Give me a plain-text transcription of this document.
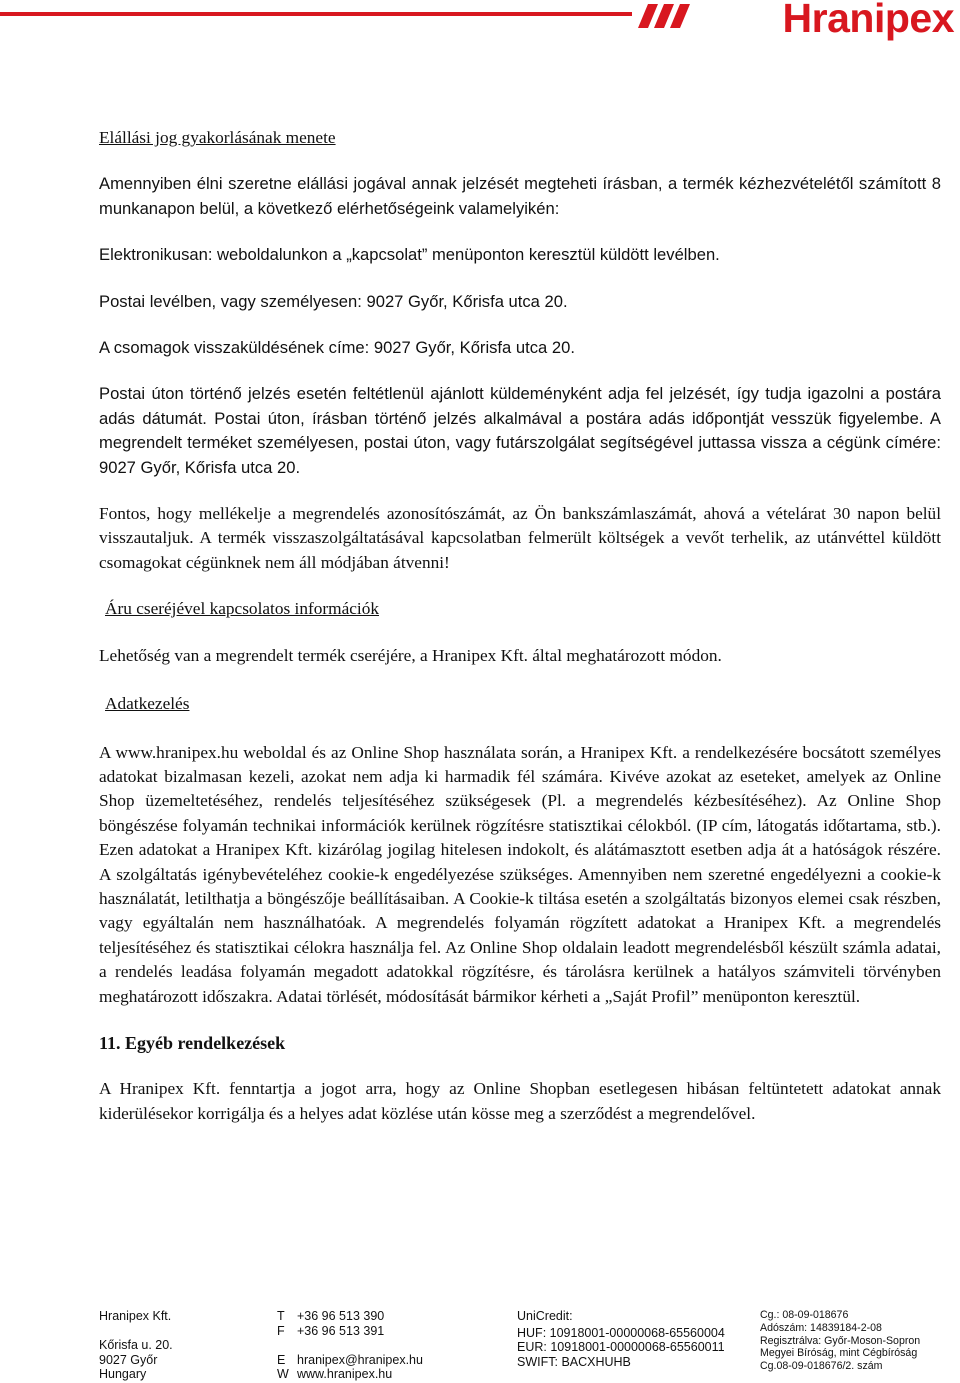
Hranipex

Elállási jog gyakorlásának menete

Amennyiben élni szeretne elállási jogával annak jelzését megteheti írásban, a termék kézhezvételétől számított 8 munkanapon belül, a következő elérhetőségeink valamelyikén:

Elektronikusan: weboldalunkon a „kapcsolat” menüponton keresztül küldött levélben.

Postai levélben, vagy személyesen: 9027 Győr, Kőrisfa utca 20.

A csomagok visszaküldésének címe: 9027 Győr, Kőrisfa utca 20.

Postai úton történő jelzés esetén feltétlenül ajánlott küldeményként adja fel jelzését, így tudja igazolni a postára adás dátumát. Postai úton, írásban történő jelzés alkalmával a postára adás időpontját vesszük figyelembe. A megrendelt terméket személyesen, postai úton, vagy futárszolgálat segítségével juttassa vissza a cégünk címére: 9027 Győr, Kőrisfa utca 20.

Fontos, hogy mellékelje a megrendelés azonosítószámát, az Ön bankszámlaszámát, ahová a vételárat 30 napon belül visszautaljuk. A termék visszaszolgáltatásával kapcsolatban felmerült költségek a vevőt terhelik, az utánvéttel küldött csomagokat cégünknek nem áll módjában átvenni!

Áru cseréjével kapcsolatos információk

Lehetőség van a megrendelt termék cseréjére, a Hranipex Kft. által meghatározott módon.

Adatkezelés

A www.hranipex.hu weboldal és az Online Shop használata során, a Hranipex Kft. a rendelkezésére bocsátott személyes adatokat bizalmasan kezeli, azokat nem adja ki harmadik fél számára. Kivéve azokat az eseteket, amelyek az Online Shop üzemeltetéséhez, rendelés teljesítéséhez szükségesek (Pl. a megrendelés kézbesítéséhez). Az Online Shop böngészése folyamán technikai információk kerülnek rögzítésre statisztikai célokból. (IP cím, látogatás időtartama, stb.). Ezen adatokat a Hranipex Kft. kizárólag jogilag hitelesen indokolt, és alátámasztott esetben adja át a hatóságok részére. A szolgáltatás igénybevételéhez cookie-k engedélyezése szükséges. Amennyiben nem szeretné engedélyezni a cookie-k használatát, letilthatja a böngészője beállításaiban. A Cookie-k tiltása esetén a szolgáltatás bizonyos elemei csak részben, vagy egyáltalán nem használhatóak. A megrendelés folyamán rögzített adatokat a Hranipex Kft. a megrendelés teljesítéséhez és statisztikai célokra használja fel. Az Online Shop oldalain leadott megrendelésből készült számla adatai, a rendelés leadása folyamán megadott adatokkal rögzítésre, és tárolásra kerülnek a hatályos számviteli törvényben meghatározott időszakra. Adatai törlését, módosítását bármikor kérheti a „Saját Profil” menüponton keresztül.

11. Egyéb rendelkezések

A Hranipex Kft. fenntartja a jogot arra, hogy az Online Shopban esetlegesen hibásan feltüntetett adatokat annak kiderülésekor korrigálja és a helyes adat közlése után kösse meg a szerződést a megrendelővel.

Hranipex Kft.
Kőrisfa u. 20.
9027 Győr
Hungary
T +36 96 513 390
F +36 96 513 391
E hranipex@hranipex.hu
W www.hranipex.hu
UniCredit:
HUF: 10918001-00000068-65560004
EUR: 10918001-00000068-65560011
SWIFT: BACXHUHB
Cg.: 08-09-018676
Adószám: 14839184-2-08
Regisztrálva: Győr-Moson-Sopron
Megyei Bíróság, mint Cégbíróság
Cg.08-09-018676/2. szám
